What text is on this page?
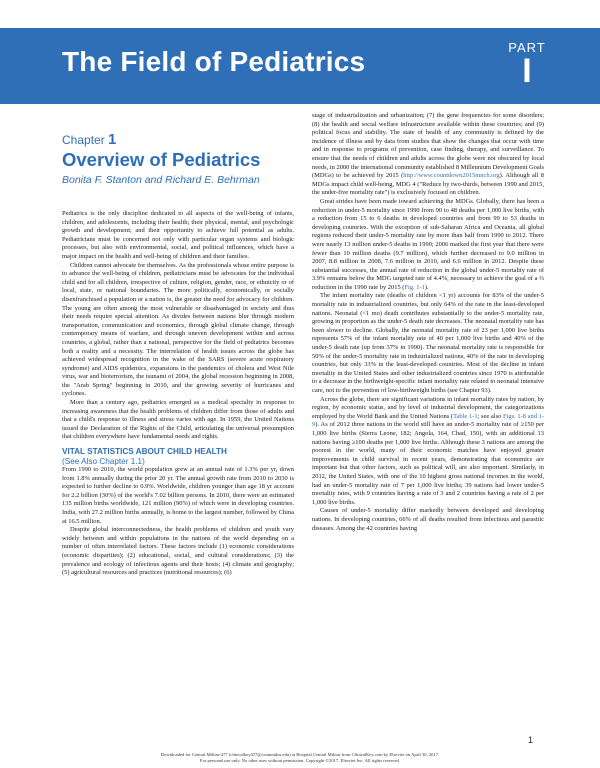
The Field of Pediatrics	PART
I
Chapter 1
Overview of Pediatrics
Bonita F. Stanton and Richard E. Behrman

Pediatrics is the only discipline dedicated to all aspects of the well-being of infants, children, and adolescents, including their health; their physical, mental, and psychologic growth and development; and their opportunity to achieve full potential as adults. Pediatricians must be concerned not only with particular organ systems and biologic processes, but also with environmental, social, and political influences, which have a major impact on the health and well-being of children and their families.

Children cannot advocate for themselves. As the professionals whose entire purpose is to advance the well-being of children, pediatricians must be advocates for the individual child and for all children, irrespective of culture, religion, gender, race, or ethnicity or of local, state, or national boundaries. The more politically, economically, or socially disenfranchised a population or a nation is, the greater the need for advocacy for children. The young are often among the most vulnerable or disadvantaged in society and thus their needs require special attention. As divides between nations blur through modern transportation, communication and economics, through global climate change, through contemporary means of warfare, and through uneven development within and across countries, a global, rather than a national, perspective for the field of pediatrics becomes both a reality and a necessity. The interrelation of health issues across the globe has achieved widespread recognition in the wake of the SARS (severe acute respiratory syndrome) and AIDS epidemics, expansions in the pandemics of cholera and West Nile virus, war and bioterrorism, the tsunami of 2004, the global recession beginning in 2008, the "Arab Spring" beginning in 2010, and the growing severity of hurricanes and cyclones.

More than a century ago, pediatrics emerged as a medical specialty in response to increasing awareness that the health problems of children differ from those of adults and that a child's response to illness and stress varies with age. In 1959, the United Nations issued the Declaration of the Rights of the Child, articulating the universal presumption that children everywhere have fundamental needs and rights.

VITAL STATISTICS ABOUT CHILD HEALTH
(See Also Chapter 1.1)

From 1990 to 2010, the world population grew at an annual rate of 1.3% per yr, down from 1.8% annually during the prior 20 yr. The annual growth rate from 2010 to 2030 is expected to further decline to 0.9%. Worldwide, children younger than age 18 yr account for 2.2 billion (30%) of the world's 7.02 billion persons. In 2010, there were an estimated 135 million births worldwide, 121 million (90%) of which were in developing countries. India, with 27.2 million births annually, is home to the largest number, followed by China at 16.5 million.

Despite global interconnectedness, the health problems of children and youth vary widely between and within populations in the nations of the world depending on a number of often interrelated factors. These factors include (1) economic considerations (economic disparities); (2) educational, social, and cultural considerations; (3) the prevalence and ecology of infectious agents and their hosts; (4) climate and geography; (5) agricultural resources and practices (nutritional resources); (6)

stage of industrialization and urbanization; (7) the gene frequencies for some disorders; (8) the health and social welfare infrastructure available within these countries; and (9) political focus and stability. The state of health of any community is defined by the incidence of illness and by data from studies that show the changes that occur with time and in response to programs of prevention, case finding, therapy, and surveillance. To ensure that the needs of children and adults across the globe were not obscured by local needs, in 2000 the international community established 8 Millennium Development Goals (MDGs) to be achieved by 2015 (http://www.countdown2015mnch.org). Although all 8 MDGs impact child well-being, MDG 4 ("Reduce by two-thirds, between 1990 and 2015, the under-five mortality rate") is exclusively focused on children.

Great strides have been made toward achieving the MDGs. Globally, there has been a reduction in under-5 mortality since 1990 from 90 to 48 deaths per 1,000 live births, with a reduction from 15 to 6 deaths in developed countries and from 99 to 53 deaths in developing countries. With the exception of sub-Saharan Africa and Oceania, all global regions reduced their under-5 mortality rate by more than half from 1990 to 2012. There were nearly 13 million under-5 deaths in 1990; 2006 marked the first year that there were fewer than 10 million deaths (9.7 million), which further decreased to 9.0 million in 2007, 8.8 million in 2008, 7.6 million in 2010, and 6.6 million in 2012. Despite these substantial successes, the annual rate of reduction in the global under-5 mortality rate of 3.9% remains below the MDG targeted rate of 4.4%, necessary to achieve the goal of a ⅔ reduction in the 1990 rate by 2015 (Fig. 1-1).

The infant mortality rate (deaths of children <1 yr) accounts for 83% of the under-5 mortality rate in industrialized countries, but only 64% of the rate in the least-developed nations. Neonatal (<1 mo) death contributes substantially to the under-5 mortality rate, growing in proportion as the under-5 death rate decreases. The neonatal mortality rate has been slower to decline. Globally, the neonatal mortality rate of 23 per 1,000 live births represents 57% of the infant mortality rate of 40 per 1,000 live births and 40% of the under-5 death rate (up from 37% in 1990). The neonatal mortality rate is responsible for 50% of the under-5 mortality rate in industrialized nations, 40% of the rate in developing countries, but only 33% in the least-developed countries. Most of the decline in infant mortality in the United States and other industrialized countries since 1970 is attributable to a decrease in the birthweight-specific infant mortality rate related to neonatal intensive care, not to the prevention of low-birthweight births (see Chapter 93).

Across the globe, there are significant variations in infant mortality rates by nation, by region, by economic status, and by level of industrial development, the categorizations employed by the World Bank and the United Nations (Table 1-1; see also Figs. 1-8 and 1-9). As of 2012 three nations in the world still have an under-5 mortality rate of ≥150 per 1,000 live births (Sierra Leone, 182; Angola, 164, Chad, 150), with an additional 13 nations having ≥100 deaths per 1,000 live births. Although these 3 nations are among the poorest in the world, many of their economic matches have enjoyed greater improvements in child survival in recent years, demonstrating that economics are important but that other factors, such as political will, are also important. Similarly, in 2012, the United States, with one of the 10 highest gross national incomes in the world, had an under-5 mortality rate of 7 per 1,000 live births; 39 nations had lower under-5 mortality rates, with 9 countries having a rate of 3 and 2 countries having a rate of 2 per 1,000 live births.

Causes of under-5 mortality differ markedly between developed and developing nations. In developing countries, 66% of all deaths resulted from infectious and parasitic diseases. Among the 42 countries having

1
Downloaded for Central Militar-477 (clinicalkey477@costunidos.edu) at Hospital Central Militar from ClinicalKey.com by Elsevier on April 30, 2017.
For personal use only. No other uses without permission. Copyright ©2017. Elsevier Inc. All rights reserved.
